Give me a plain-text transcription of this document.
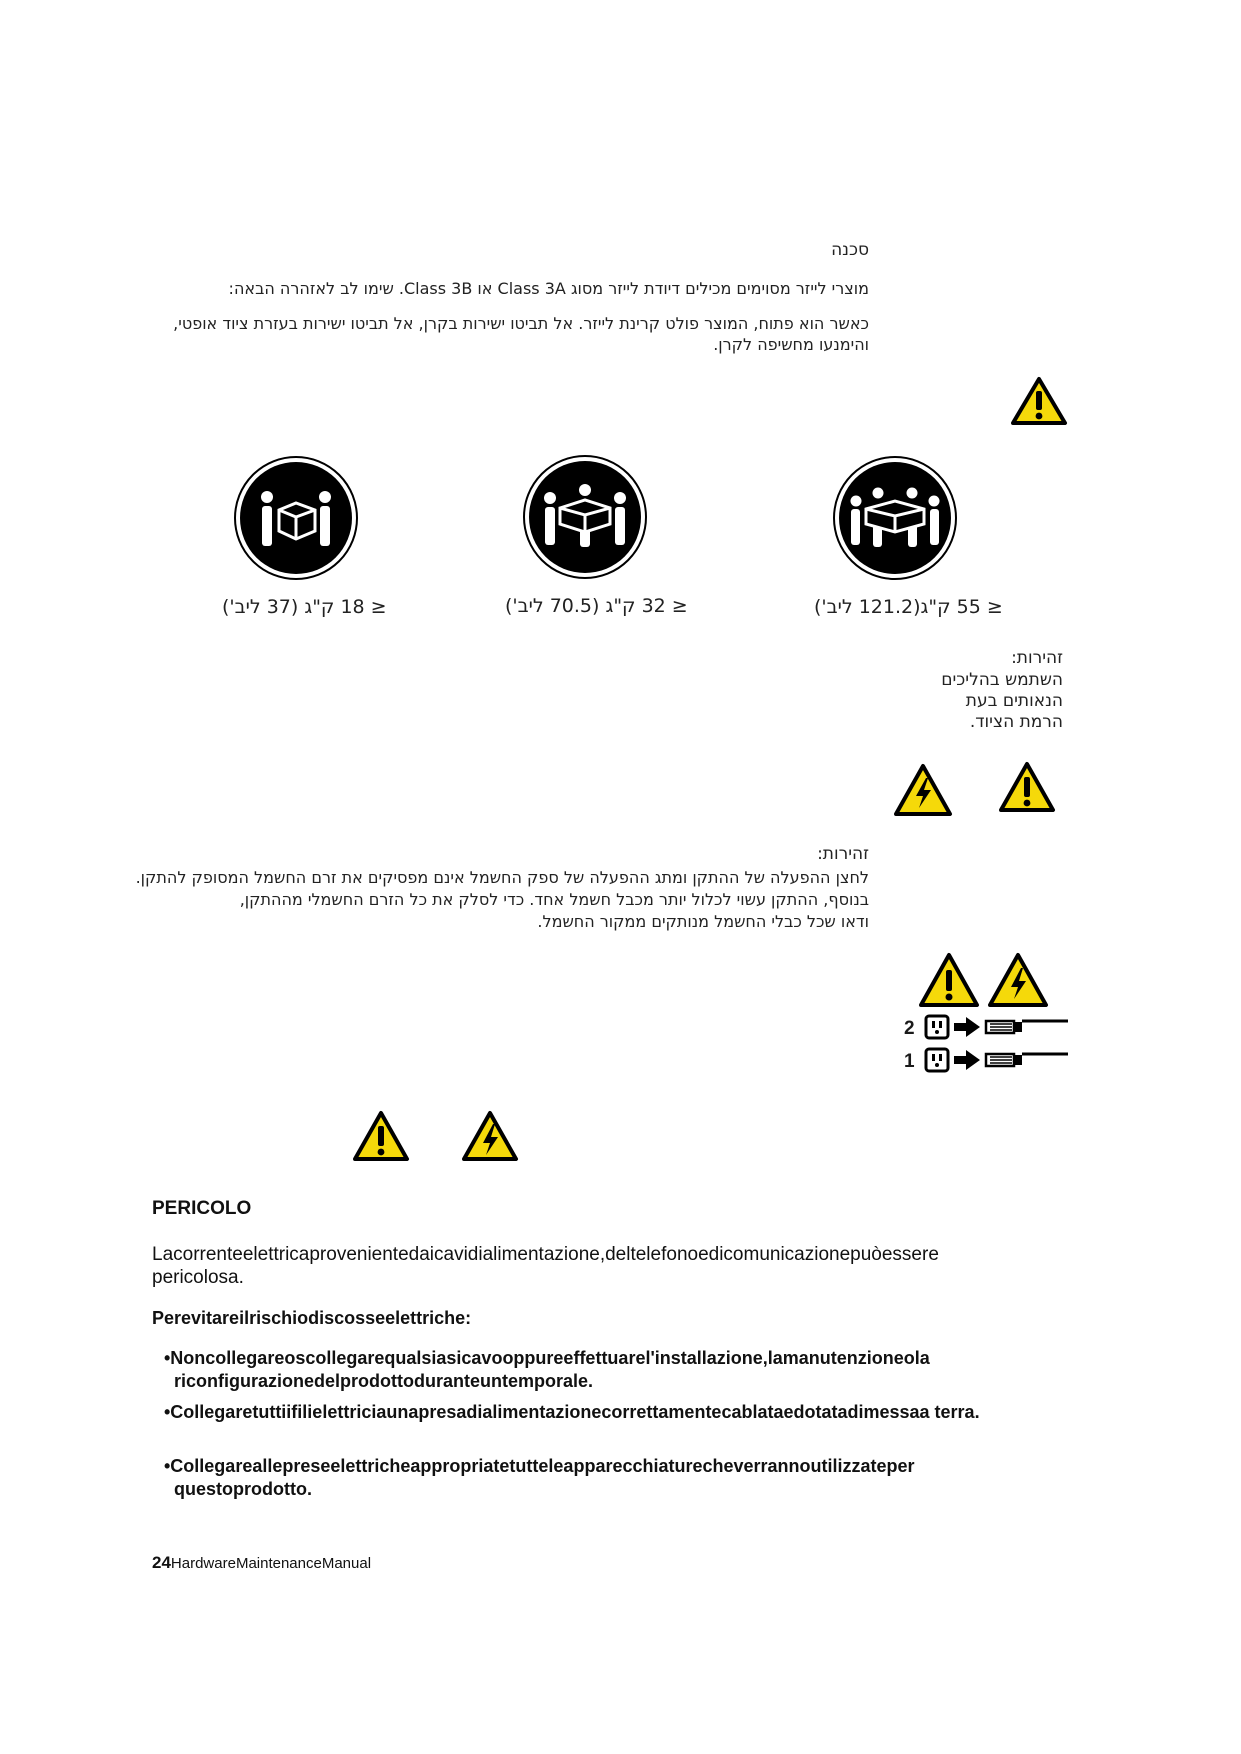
סכנה
מוצרי לייזר מסוימים מכילים דיודת לייזר מסוג Class 3A או Class 3B. שימו לב לאזהרה הבאה:
כאשר הוא פתוח, המוצר פולט קרינת לייזר. אל תביטו ישירות בקרן, אל תביטו ישירות בעזרת ציוד אופטי,
והימנעו מחשיפה לקרן.
≤ 18 ק"ג (37 ליב')	≤ 32 ק"ג (70.5 ליב')	≤ 55 ק"ג(121.2 ליב')
זהירות:
השתמש בהליכים
הנאותים בעת
הרמת הציוד.
זהירות:
לחצן ההפעלה של ההתקן ומתג ההפעלה של ספק החשמל אינם מפסיקים את זרם החשמל המסופק להתקן.
בנוסף, ההתקן עשוי לכלול יותר מכבל חשמל אחד. כדי לסלק את כל הזרם החשמלי מההתקן,
ודאו שכל כבלי החשמל מנותקים ממקור החשמל.
2
1
PERICOLO
Lacorrenteelettricaprovenientedaicavidialimentazione,deltelefonoedicomunicazionepuòessere pericolosa.
Perevitareilrischiodiscosseelettriche:
•Noncollegareoscollegarequalsiasicavooppureeffettuarel'installazione,lamanutenzioneola riconfigurazionedelprodottoduranteuntemporale.
•Collegaretuttiifilielettriciaunapresadialimentazionecorrettamentecablataedotatadimessaa terra.
•Collegareallepreseelettricheappropriatetutteleapparecchiaturecheverrannoutilizzateper questoprodotto.
24HardwareMaintenanceManual
